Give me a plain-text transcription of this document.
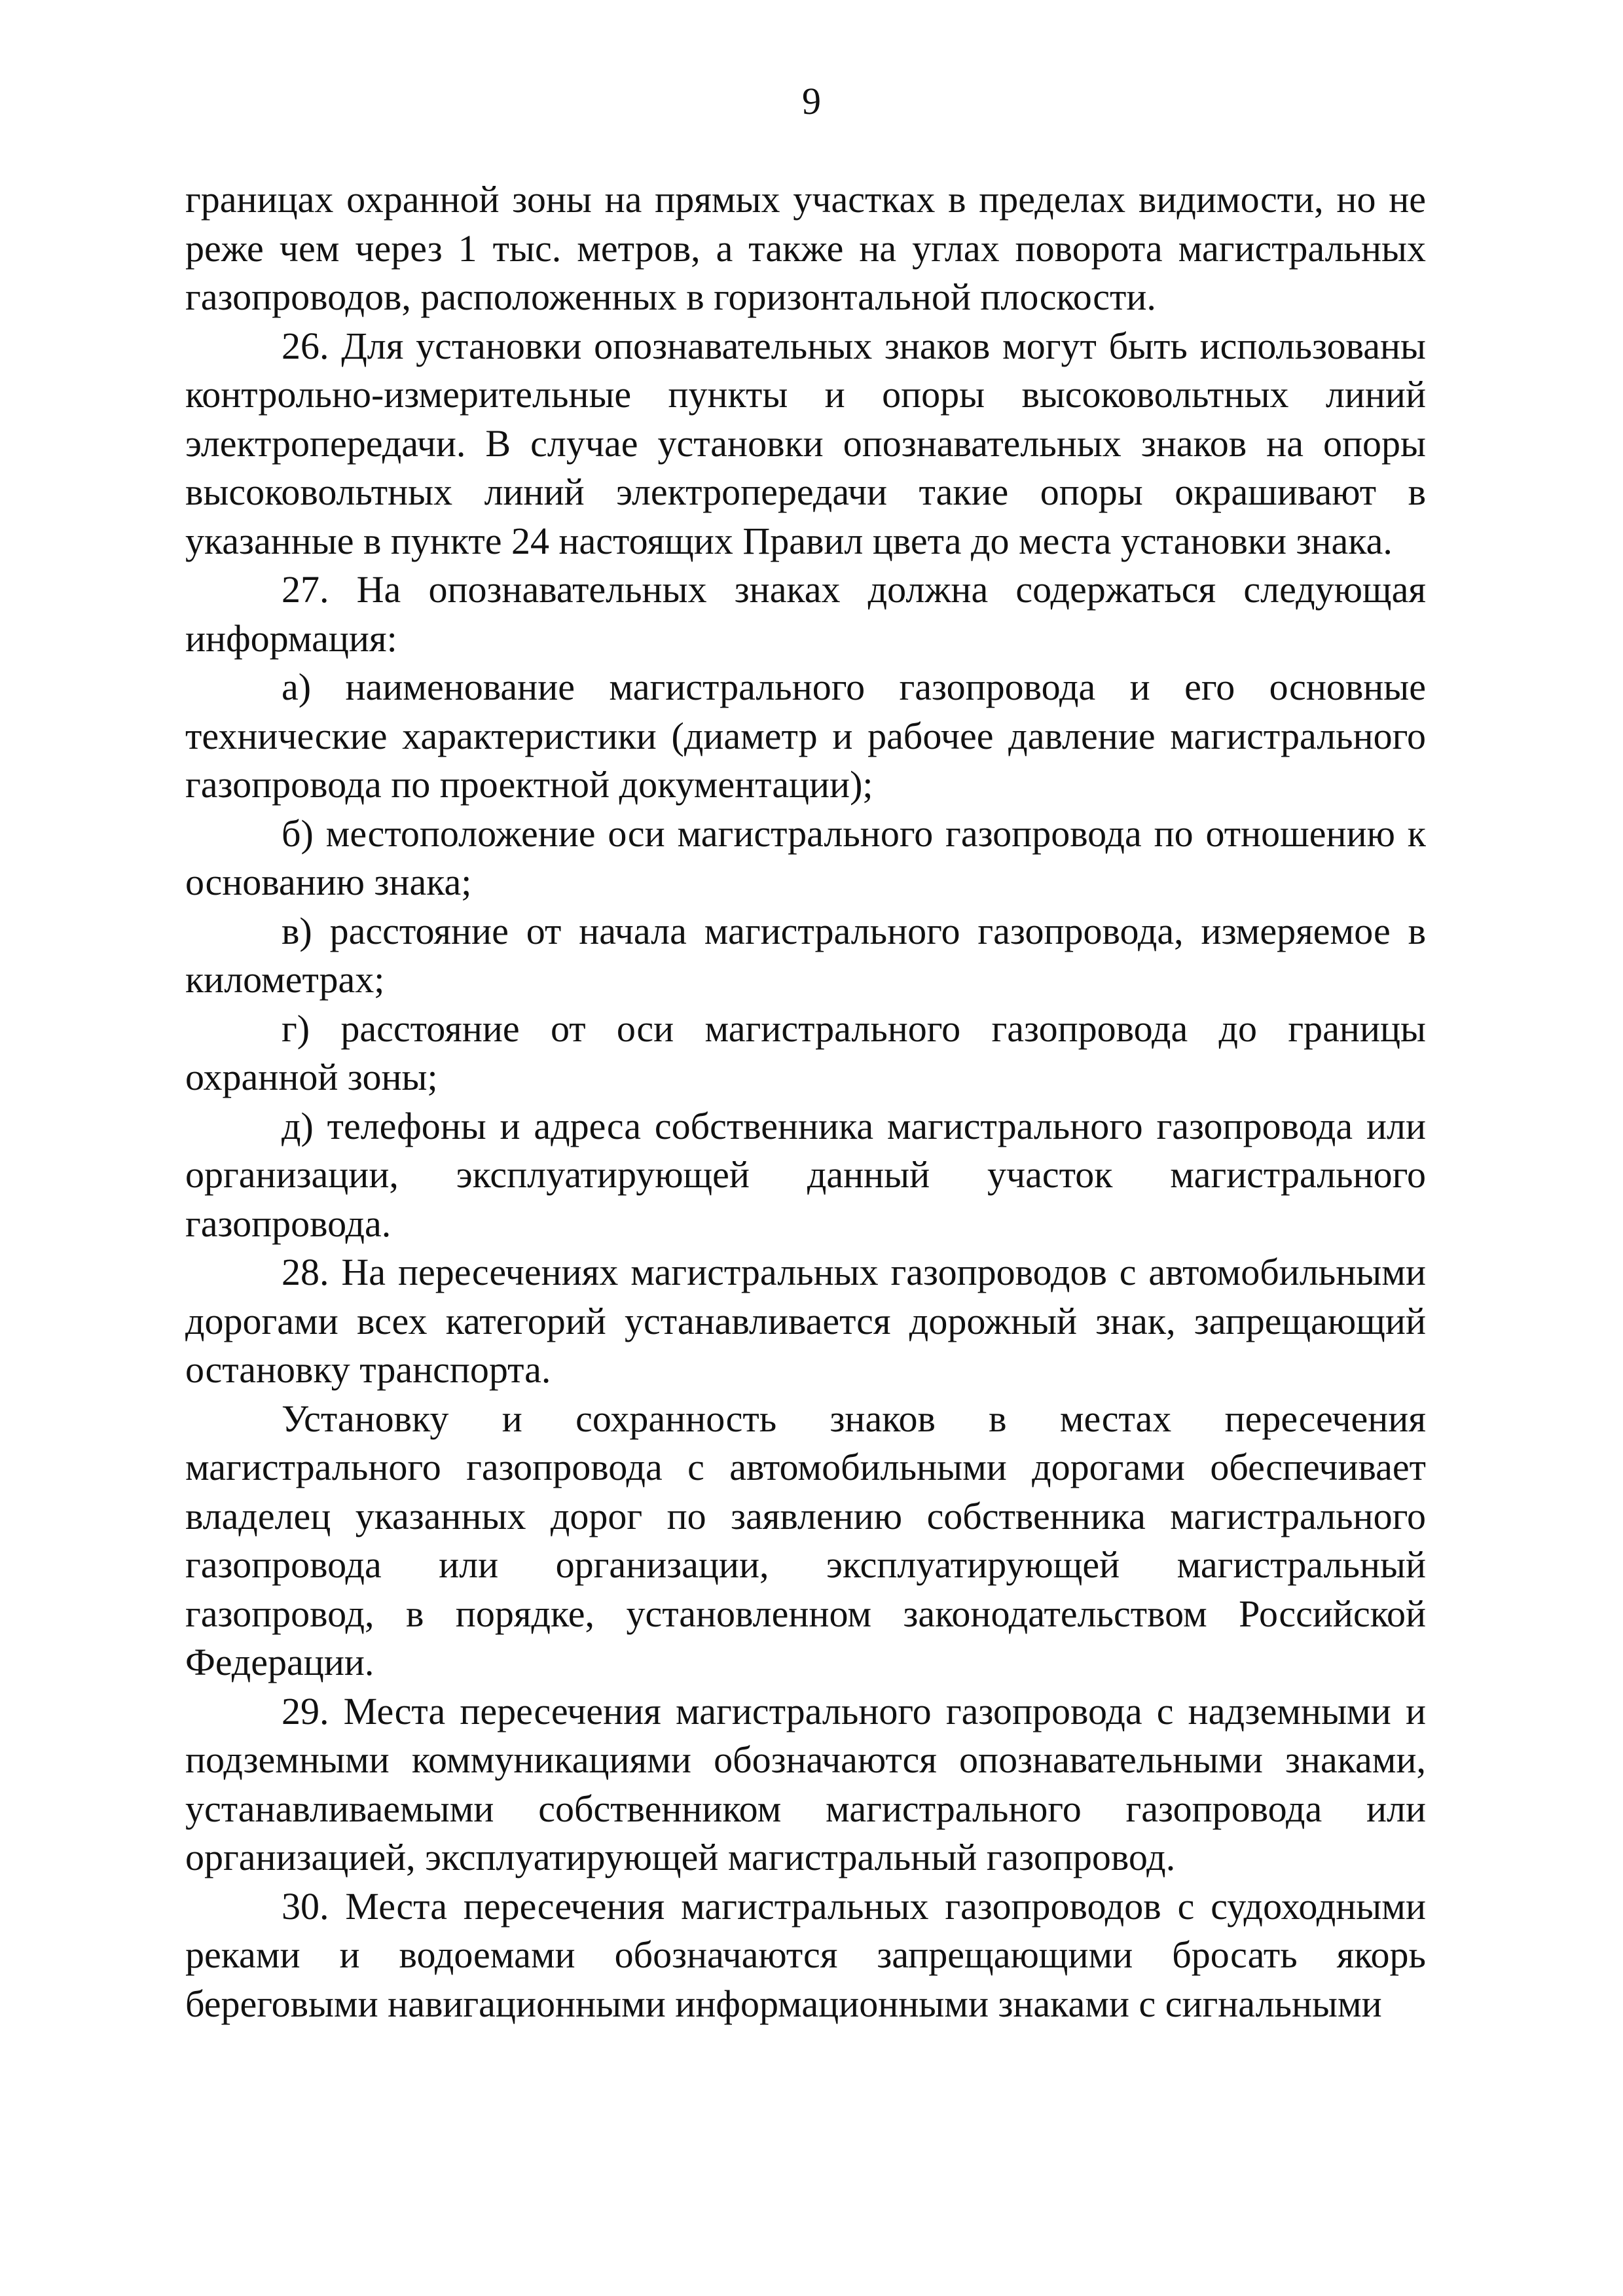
9

границах охранной зоны на прямых участках в пределах видимости, но не реже чем через 1 тыс. метров, а также на углах поворота магистральных газопроводов, расположенных в горизонтальной плоскости.

26. Для установки опознавательных знаков могут быть использованы контрольно-измерительные пункты и опоры высоковольтных линий электропередачи. В случае установки опознавательных знаков на опоры высоковольтных линий электропередачи такие опоры окрашивают в указанные в пункте 24 настоящих Правил цвета до места установки знака.

27. На опознавательных знаках должна содержаться следующая информация:

а) наименование магистрального газопровода и его основные технические характеристики (диаметр и рабочее давление магистрального газопровода по проектной документации);

б) местоположение оси магистрального газопровода по отношению к основанию знака;

в) расстояние от начала магистрального газопровода, измеряемое в километрах;

г) расстояние от оси магистрального газопровода до границы охранной зоны;

д) телефоны и адреса собственника магистрального газопровода или организации, эксплуатирующей данный участок магистрального газопровода.

28. На пересечениях магистральных газопроводов с автомобильными дорогами всех категорий устанавливается дорожный знак, запрещающий остановку транспорта.

Установку и сохранность знаков в местах пересечения магистрального газопровода с автомобильными дорогами обеспечивает владелец указанных дорог по заявлению собственника магистрального газопровода или организации, эксплуатирующей магистральный газопровод, в порядке, установленном законодательством Российской Федерации.

29. Места пересечения магистрального газопровода с надземными и подземными коммуникациями обозначаются опознавательными знаками, устанавливаемыми собственником магистрального газопровода или организацией, эксплуатирующей магистральный газопровод.

30. Места пересечения магистральных газопроводов с судоходными реками и водоемами обозначаются запрещающими бросать якорь береговыми навигационными информационными знаками с сигнальными
